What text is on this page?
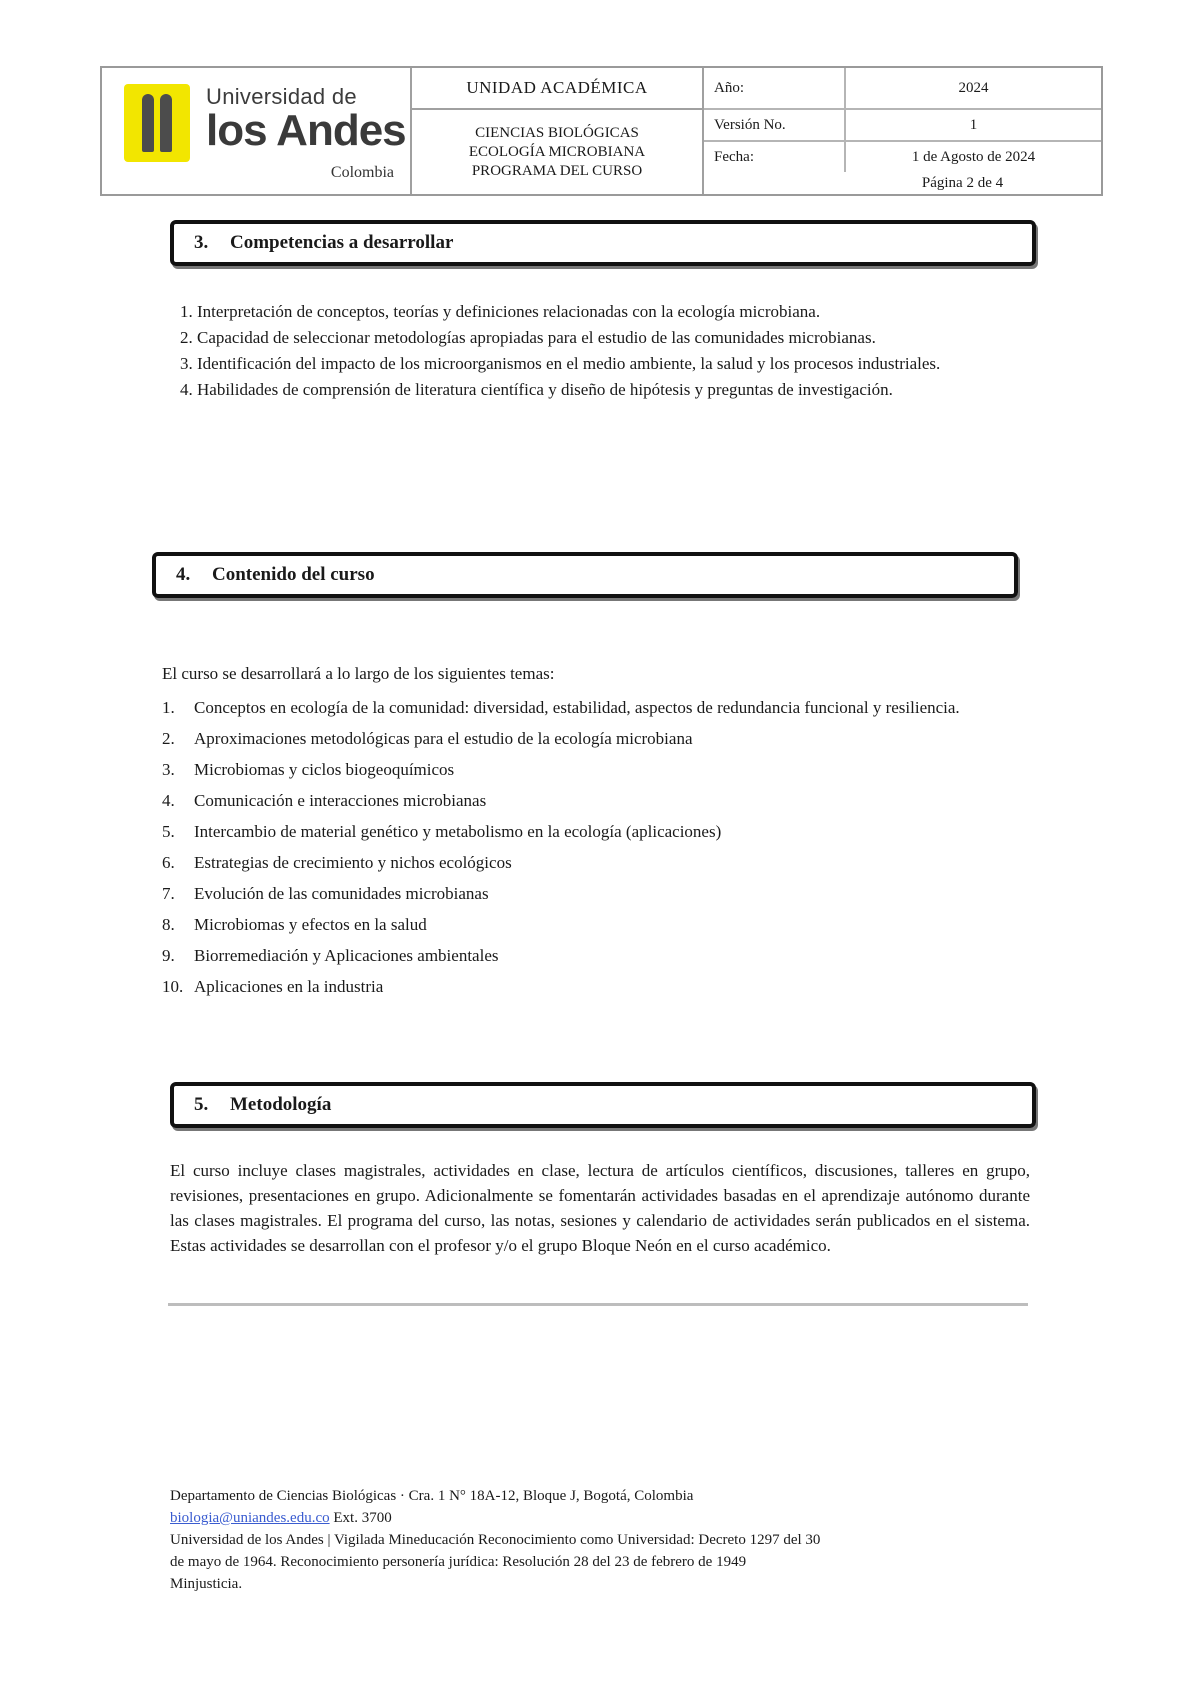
Universidad de
los Andes
Colombia
UNIDAD ACADÉMICA
CIENCIAS BIOLÓGICAS
ECOLOGÍA MICROBIANA
PROGRAMA DEL CURSO
Año:	2024
Versión No.	1
Fecha:	1 de Agosto de 2024
Página 2 de 4
3.	Competencias a desarrollar
1. Interpretación de conceptos, teorías y definiciones relacionadas con la ecología microbiana.
2. Capacidad de seleccionar metodologías apropiadas para el estudio de las comunidades microbianas.
3. Identificación del impacto de los microorganismos en el medio ambiente, la salud y los procesos industriales.
4. Habilidades de comprensión de literatura científica y diseño de hipótesis y preguntas de investigación.
4.	Contenido del curso
El curso se desarrollará a lo largo de los siguientes temas:
1.	Conceptos en ecología de la comunidad: diversidad, estabilidad, aspectos de redundancia funcional y resiliencia.
2.	Aproximaciones metodológicas para el estudio de la ecología microbiana
3.	Microbiomas y ciclos biogeoquímicos
4.	Comunicación e interacciones microbianas
5.	Intercambio de material genético y metabolismo en la ecología (aplicaciones)
6.	Estrategias de crecimiento y nichos ecológicos
7.	Evolución de las comunidades microbianas
8.	Microbiomas y efectos en la salud
9.	Biorremediación y Aplicaciones ambientales
10. Aplicaciones en la industria
5.	Metodología
El curso incluye clases magistrales, actividades en clase, lectura de artículos científicos, discusiones, talleres en grupo, revisiones, presentaciones en grupo. Adicionalmente se fomentarán actividades basadas en el aprendizaje autónomo durante las clases magistrales. El programa del curso, las notas, sesiones y calendario de actividades serán publicados en el sistema. Estas actividades se desarrollan con el profesor y/o el grupo Bloque Neón en el curso académico.
Departamento de Ciencias Biológicas · Cra. 1 N° 18A-12, Bloque J, Bogotá, Colombia
biologia@uniandes.edu.co Ext. 3700
Universidad de los Andes | Vigilada Mineducación Reconocimiento como Universidad: Decreto 1297 del 30
de mayo de 1964. Reconocimiento personería jurídica: Resolución 28 del 23 de febrero de 1949
Minjusticia.
